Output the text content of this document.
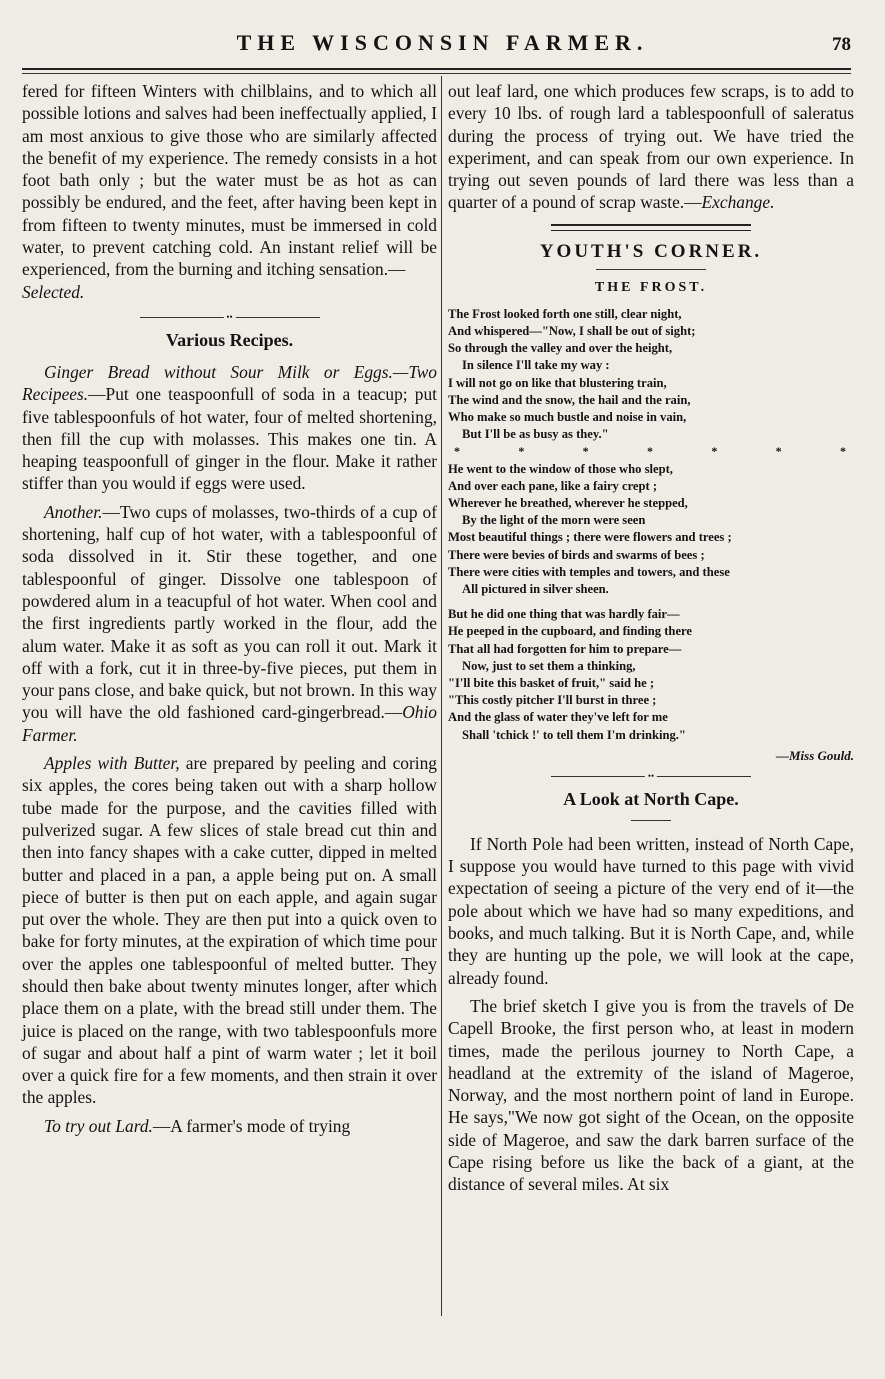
THE WISCONSIN FARMER.	78

fered for fifteen Winters with chilblains, and to which all possible lotions and salves had been ineffectually applied, I am most anxious to give those who are similarly affected the benefit of my experience. The remedy consists in a hot foot bath only ; but the water must be as hot as can possibly be endured, and the feet, after having been kept in from fifteen to twenty minutes, must be immersed in cold water, to prevent catching cold. An instant relief will be experienced, from the burning and itching sensation.—
Selected.

••

Various Recipes.

Ginger Bread without Sour Milk or Eggs.—Two Recipees.—Put one teaspoonfull of soda in a teacup; put five tablespoonfuls of hot water, four of melted shortening, then fill the cup with molasses. This makes one tin. A heaping teaspoonfull of ginger in the flour. Make it rather stiffer than you would if eggs were used.

Another.—Two cups of molasses, two-thirds of a cup of shortening, half cup of hot water, with a tablespoonful of soda dissolved in it. Stir these together, and one tablespoonful of ginger. Dissolve one tablespoon of powdered alum in a teacupful of hot water. When cool and the first ingredients partly worked in the flour, add the alum water. Make it as soft as you can roll it out. Mark it off with a fork, cut it in three-by-five pieces, put them in your pans close, and bake quick, but not brown. In this way you will have the old fashioned card-gingerbread.—Ohio Farmer.

Apples with Butter, are prepared by peeling and coring six apples, the cores being taken out with a sharp hollow tube made for the purpose, and the cavities filled with pulverized sugar. A few slices of stale bread cut thin and then into fancy shapes with a cake cutter, dipped in melted butter and placed in a pan, a apple being put on. A small piece of butter is then put on each apple, and again sugar put over the whole. They are then put into a quick oven to bake for forty minutes, at the expiration of which time pour over the apples one tablespoonful of melted butter. They should then bake about twenty minutes longer, after which place them on a plate, with the bread still under them. The juice is placed on the range, with two tablespoonfuls more of sugar and about half a pint of warm water ; let it boil over a quick fire for a few moments, and then strain it over the apples.

To try out Lard.—A farmer's mode of trying

out leaf lard, one which produces few scraps, is to add to every 10 lbs. of rough lard a tablespoonfull of saleratus during the process of trying out. We have tried the experiment, and can speak from our own experience. In trying out seven pounds of lard there was less than a quarter of a pound of scrap waste.—Exchange.

YOUTH'S CORNER.

THE FROST.

The Frost looked forth one still, clear night,
And whispered—"Now, I shall be out of sight;
So through the valley and over the height,
In silence I'll take my way :
I will not go on like that blustering train,
The wind and the snow, the hail and the rain,
Who make so much bustle and noise in vain,
But I'll be as busy as they."
*	*	*	*	*	*	*
He went to the window of those who slept,
And over each pane, like a fairy crept ;
Wherever he breathed, wherever he stepped,
By the light of the morn were seen
Most beautiful things ; there were flowers and trees ;
There were bevies of birds and swarms of bees ;
There were cities with temples and towers, and these
All pictured in silver sheen.
But he did one thing that was hardly fair—
He peeped in the cupboard, and finding there
That all had forgotten for him to prepare—
Now, just to set them a thinking,
"I'll bite this basket of fruit," said he ;
"This costly pitcher I'll burst in three ;
And the glass of water they've left for me
Shall 'tchick !' to tell them I'm drinking."

—Miss Gould.

••

A Look at North Cape.

If North Pole had been written, instead of North Cape, I suppose you would have turned to this page with vivid expectation of seeing a picture of the very end of it—the pole about which we have had so many expeditions, and books, and much talking. But it is North Cape, and, while they are hunting up the pole, we will look at the cape, already found.

The brief sketch I give you is from the travels of De Capell Brooke, the first person who, at least in modern times, made the perilous journey to North Cape, a headland at the extremity of the island of Mageroe, Norway, and the most northern point of land in Europe. He says,"We now got sight of the Ocean, on the opposite side of Mageroe, and saw the dark barren surface of the Cape rising before us like the back of a giant, at the distance of several miles. At six
